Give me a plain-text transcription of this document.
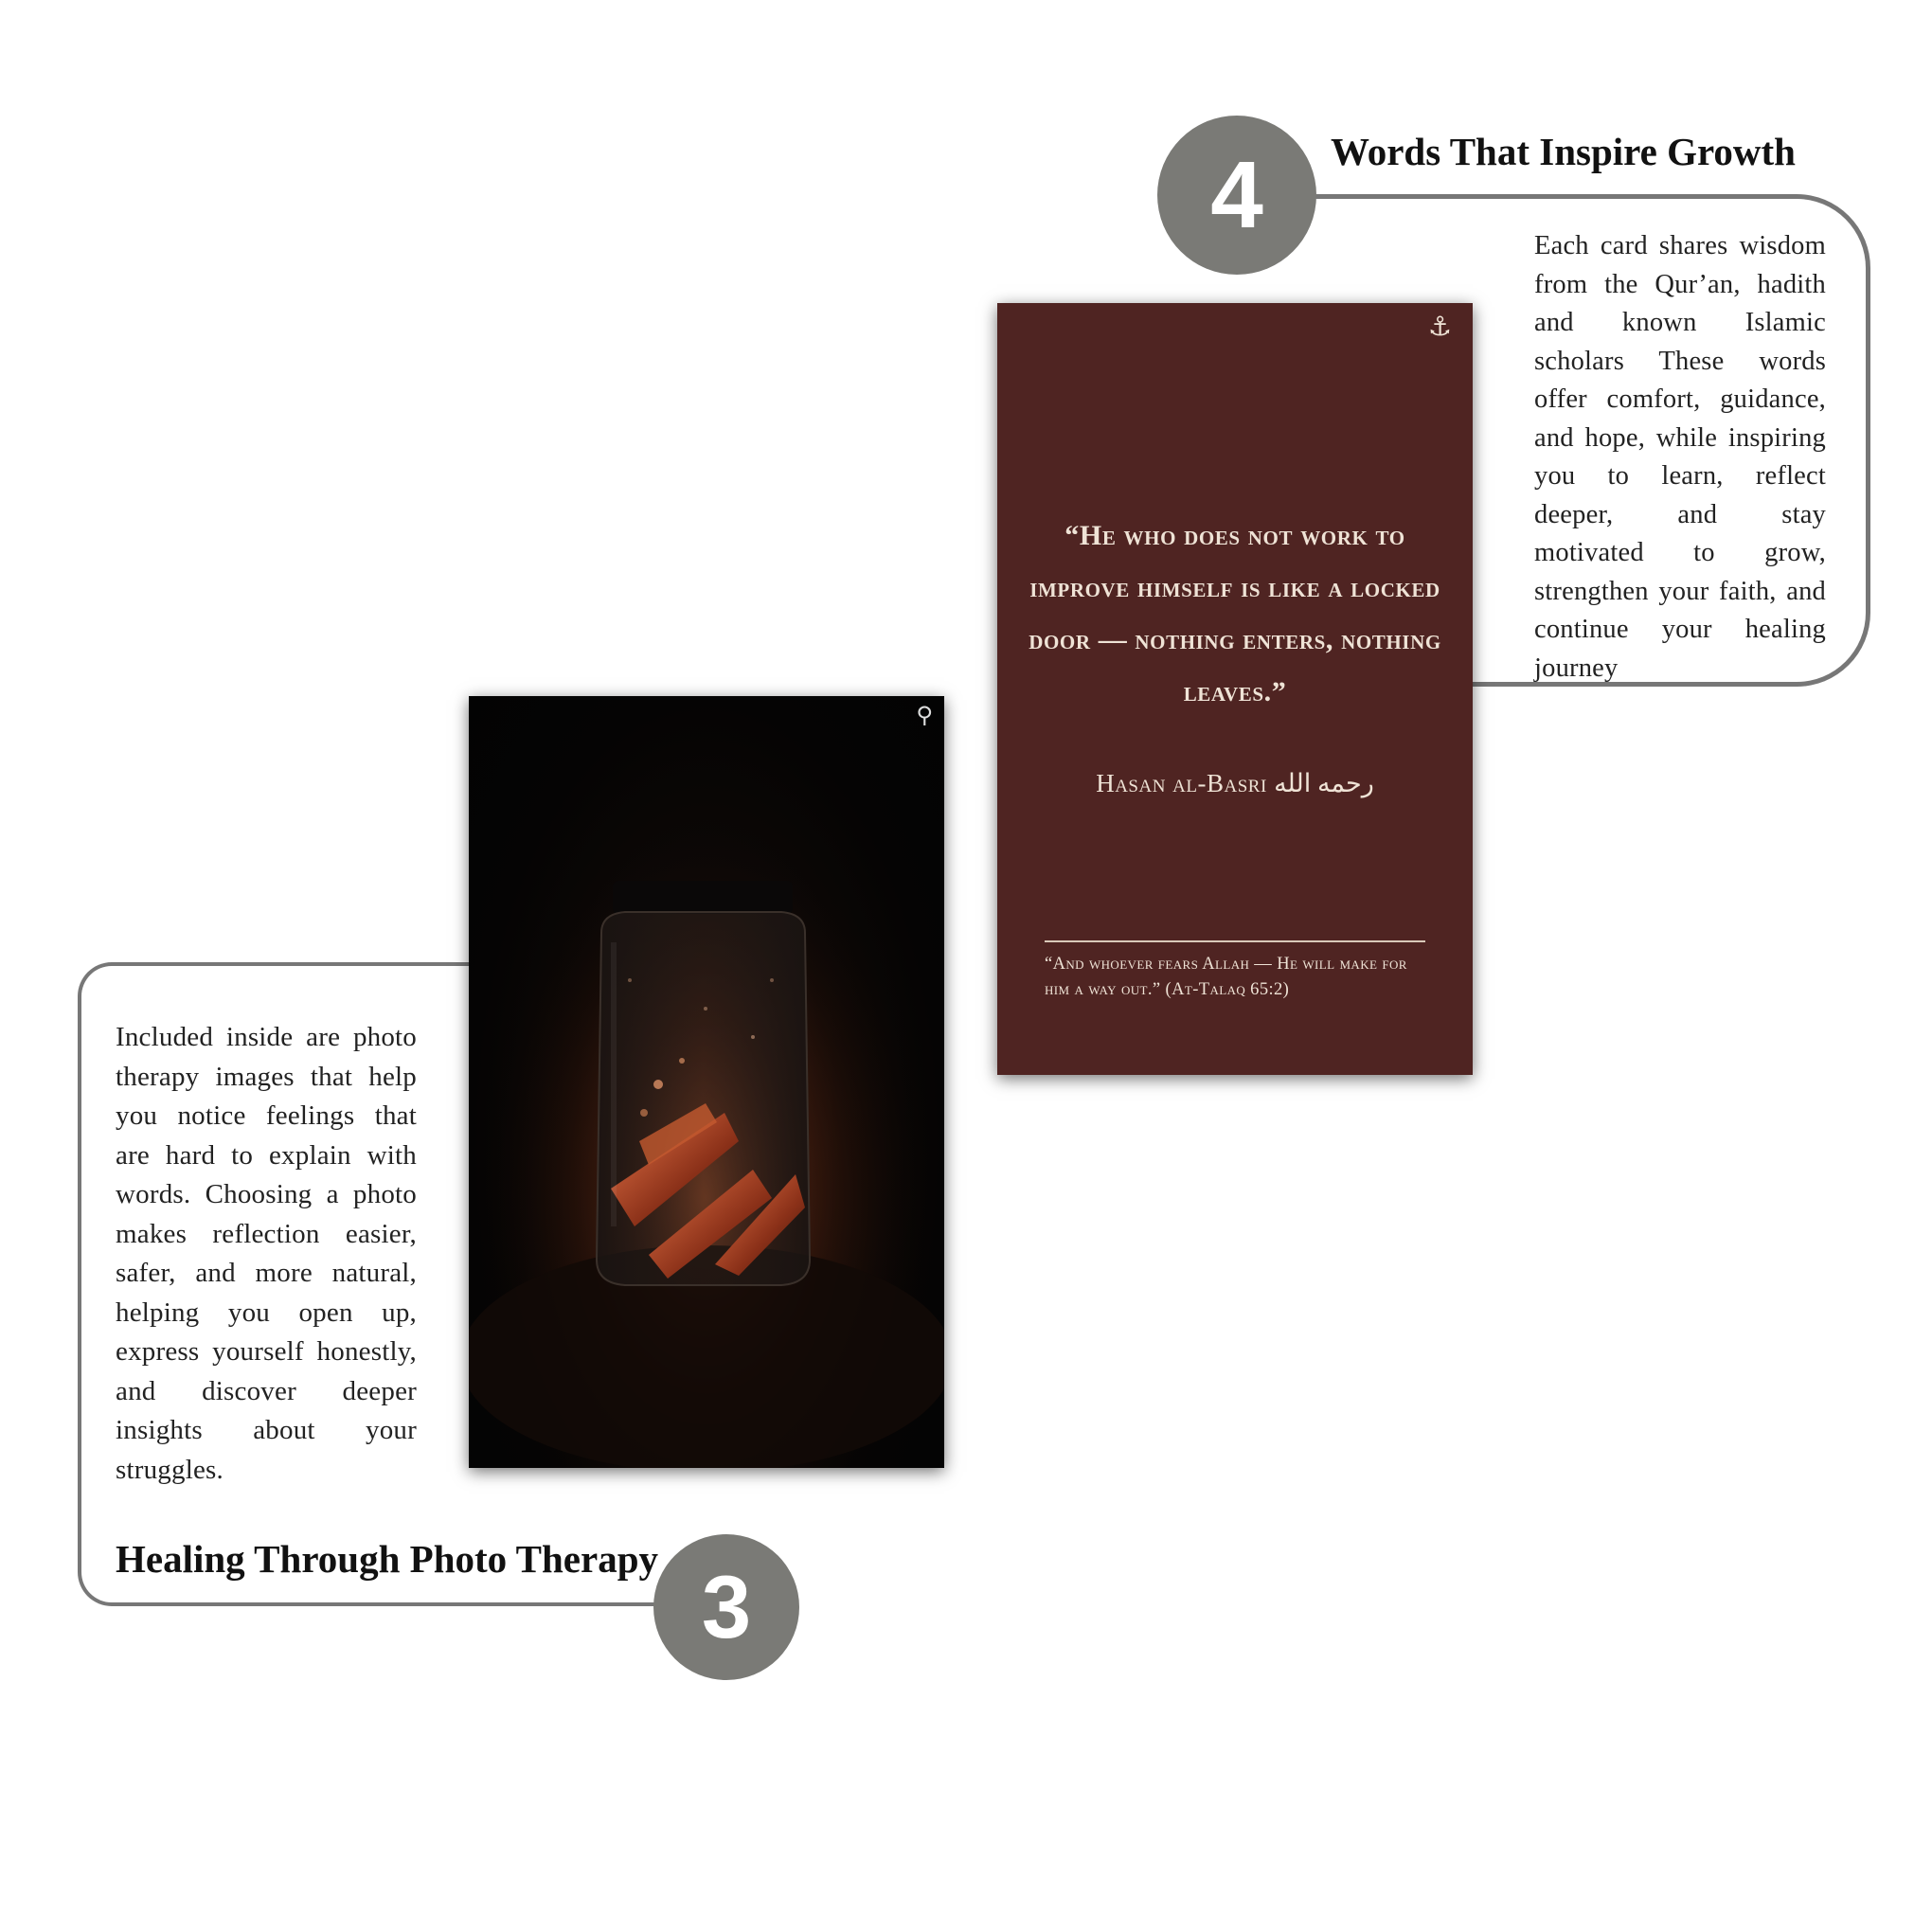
⚓
“He who does not work to improve himself is like a locked door — nothing enters, nothing leaves.”
Hasan al-Basri رحمه الله
“And whoever fears Allah — He will make for him a way out.” (At-Talaq 65:2)
⚲
4	Words That Inspire Growth
Each card shares wisdom from the Qur’an, hadith and known Islamic scholars These words offer comfort, guidance, and hope, while inspiring you to learn, reflect deeper, and stay motivated to grow, strengthen your faith, and continue your healing journey
Included inside are photo therapy images that help you notice feelings that are hard to explain with words. Choosing a photo makes reflection easier, safer, and more natural, helping you open up, express yourself honestly, and discover deeper insights about your struggles.
Healing Through Photo Therapy 3
